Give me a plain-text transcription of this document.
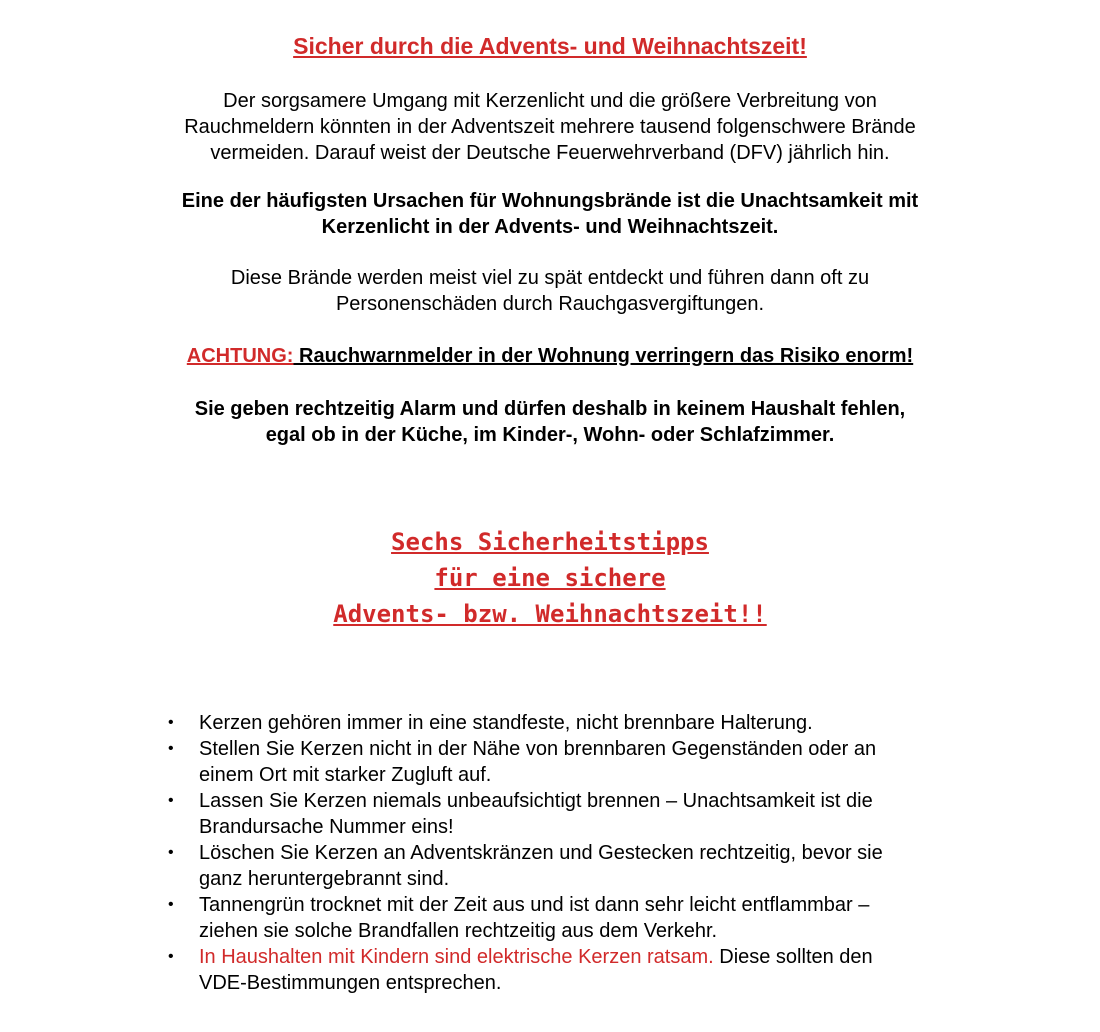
Sicher durch die Advents- und Weihnachtszeit!
Der sorgsamere Umgang mit Kerzenlicht und die größere Verbreitung von
Rauchmeldern könnten in der Adventszeit mehrere tausend folgenschwere Brände
vermeiden. Darauf weist der Deutsche Feuerwehrverband (DFV) jährlich hin.
Eine der häufigsten Ursachen für Wohnungsbrände ist die Unachtsamkeit mit
Kerzenlicht in der Advents- und Weihnachtszeit.
Diese Brände werden meist viel zu spät entdeckt und führen dann oft zu
Personenschäden durch Rauchgasvergiftungen.
ACHTUNG: Rauchwarnmelder in der Wohnung verringern das Risiko enorm!
Sie geben rechtzeitig Alarm und dürfen deshalb in keinem Haushalt fehlen,
egal ob in der Küche, im Kinder-, Wohn- oder Schlafzimmer.
Sechs Sicherheitstipps
für eine sichere
Advents- bzw. Weihnachtszeit!!
•	Kerzen gehören immer in eine standfeste, nicht brennbare Halterung.
•	Stellen Sie Kerzen nicht in der Nähe von brennbaren Gegenständen oder an
einem Ort mit starker Zugluft auf.
•	Lassen Sie Kerzen niemals unbeaufsichtigt brennen – Unachtsamkeit ist die
Brandursache Nummer eins!
•	Löschen Sie Kerzen an Adventskränzen und Gestecken rechtzeitig, bevor sie
ganz heruntergebrannt sind.
•	Tannengrün trocknet mit der Zeit aus und ist dann sehr leicht entflammbar –
ziehen sie solche Brandfallen rechtzeitig aus dem Verkehr.
•	In Haushalten mit Kindern sind elektrische Kerzen ratsam. Diese sollten den
VDE-Bestimmungen entsprechen.
